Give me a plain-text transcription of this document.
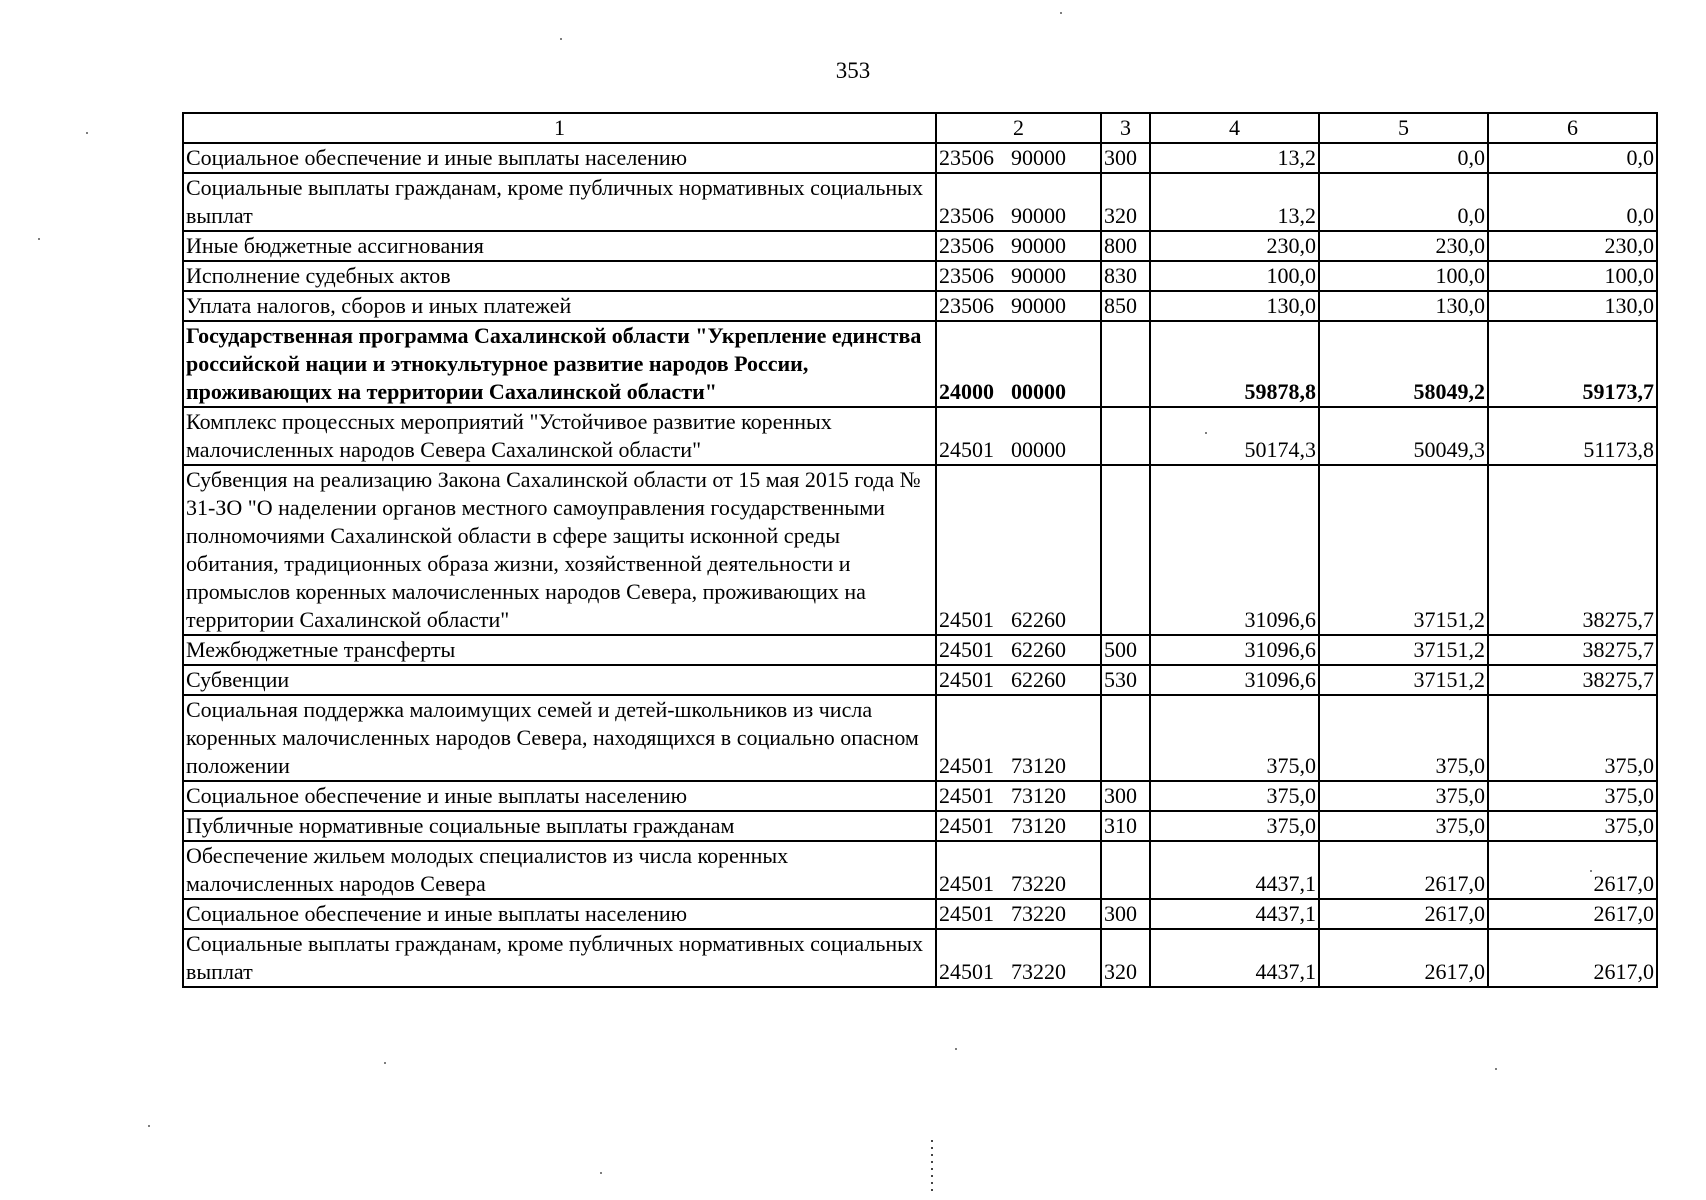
353
1	2	3	4	5	6
Социальное обеспечение и иные выплаты населению	23506 90000	300	13,2	0,0	0,0
Социальные выплаты гражданам, кроме публичных нормативных социальных выплат	23506 90000	320	13,2	0,0	0,0
Иные бюджетные ассигнования	23506 90000	800	230,0	230,0	230,0
Исполнение судебных актов	23506 90000	830	100,0	100,0	100,0
Уплата налогов, сборов и иных платежей	23506 90000	850	130,0	130,0	130,0
Государственная программа Сахалинской области "Укрепление единства российской нации и этнокультурное развитие народов России, проживающих на территории Сахалинской области"	24000 00000		59878,8	58049,2	59173,7
Комплекс процессных мероприятий "Устойчивое развитие коренных малочисленных народов Севера Сахалинской области"	24501 00000		50174,3	50049,3	51173,8
Субвенция на реализацию Закона Сахалинской области от 15 мая 2015 года № 31-ЗО "О наделении органов местного самоуправления государственными полномочиями Сахалинской области в сфере защиты исконной среды обитания, традиционных образа жизни, хозяйственной деятельности и промыслов коренных малочисленных народов Севера, проживающих на территории Сахалинской области"	24501 62260		31096,6	37151,2	38275,7
Межбюджетные трансферты	24501 62260	500	31096,6	37151,2	38275,7
Субвенции	24501 62260	530	31096,6	37151,2	38275,7
Социальная поддержка малоимущих семей и детей-школьников из числа коренных малочисленных народов Севера, находящихся в социально опасном положении	24501 73120		375,0	375,0	375,0
Социальное обеспечение и иные выплаты населению	24501 73120	300	375,0	375,0	375,0
Публичные нормативные социальные выплаты гражданам	24501 73120	310	375,0	375,0	375,0
Обеспечение жильем молодых специалистов из числа коренных малочисленных народов Севера	24501 73220		4437,1	2617,0	2617,0
Социальное обеспечение и иные выплаты населению	24501 73220	300	4437,1	2617,0	2617,0
Социальные выплаты гражданам, кроме публичных нормативных социальных выплат	24501 73220	320	4437,1	2617,0	2617,0
